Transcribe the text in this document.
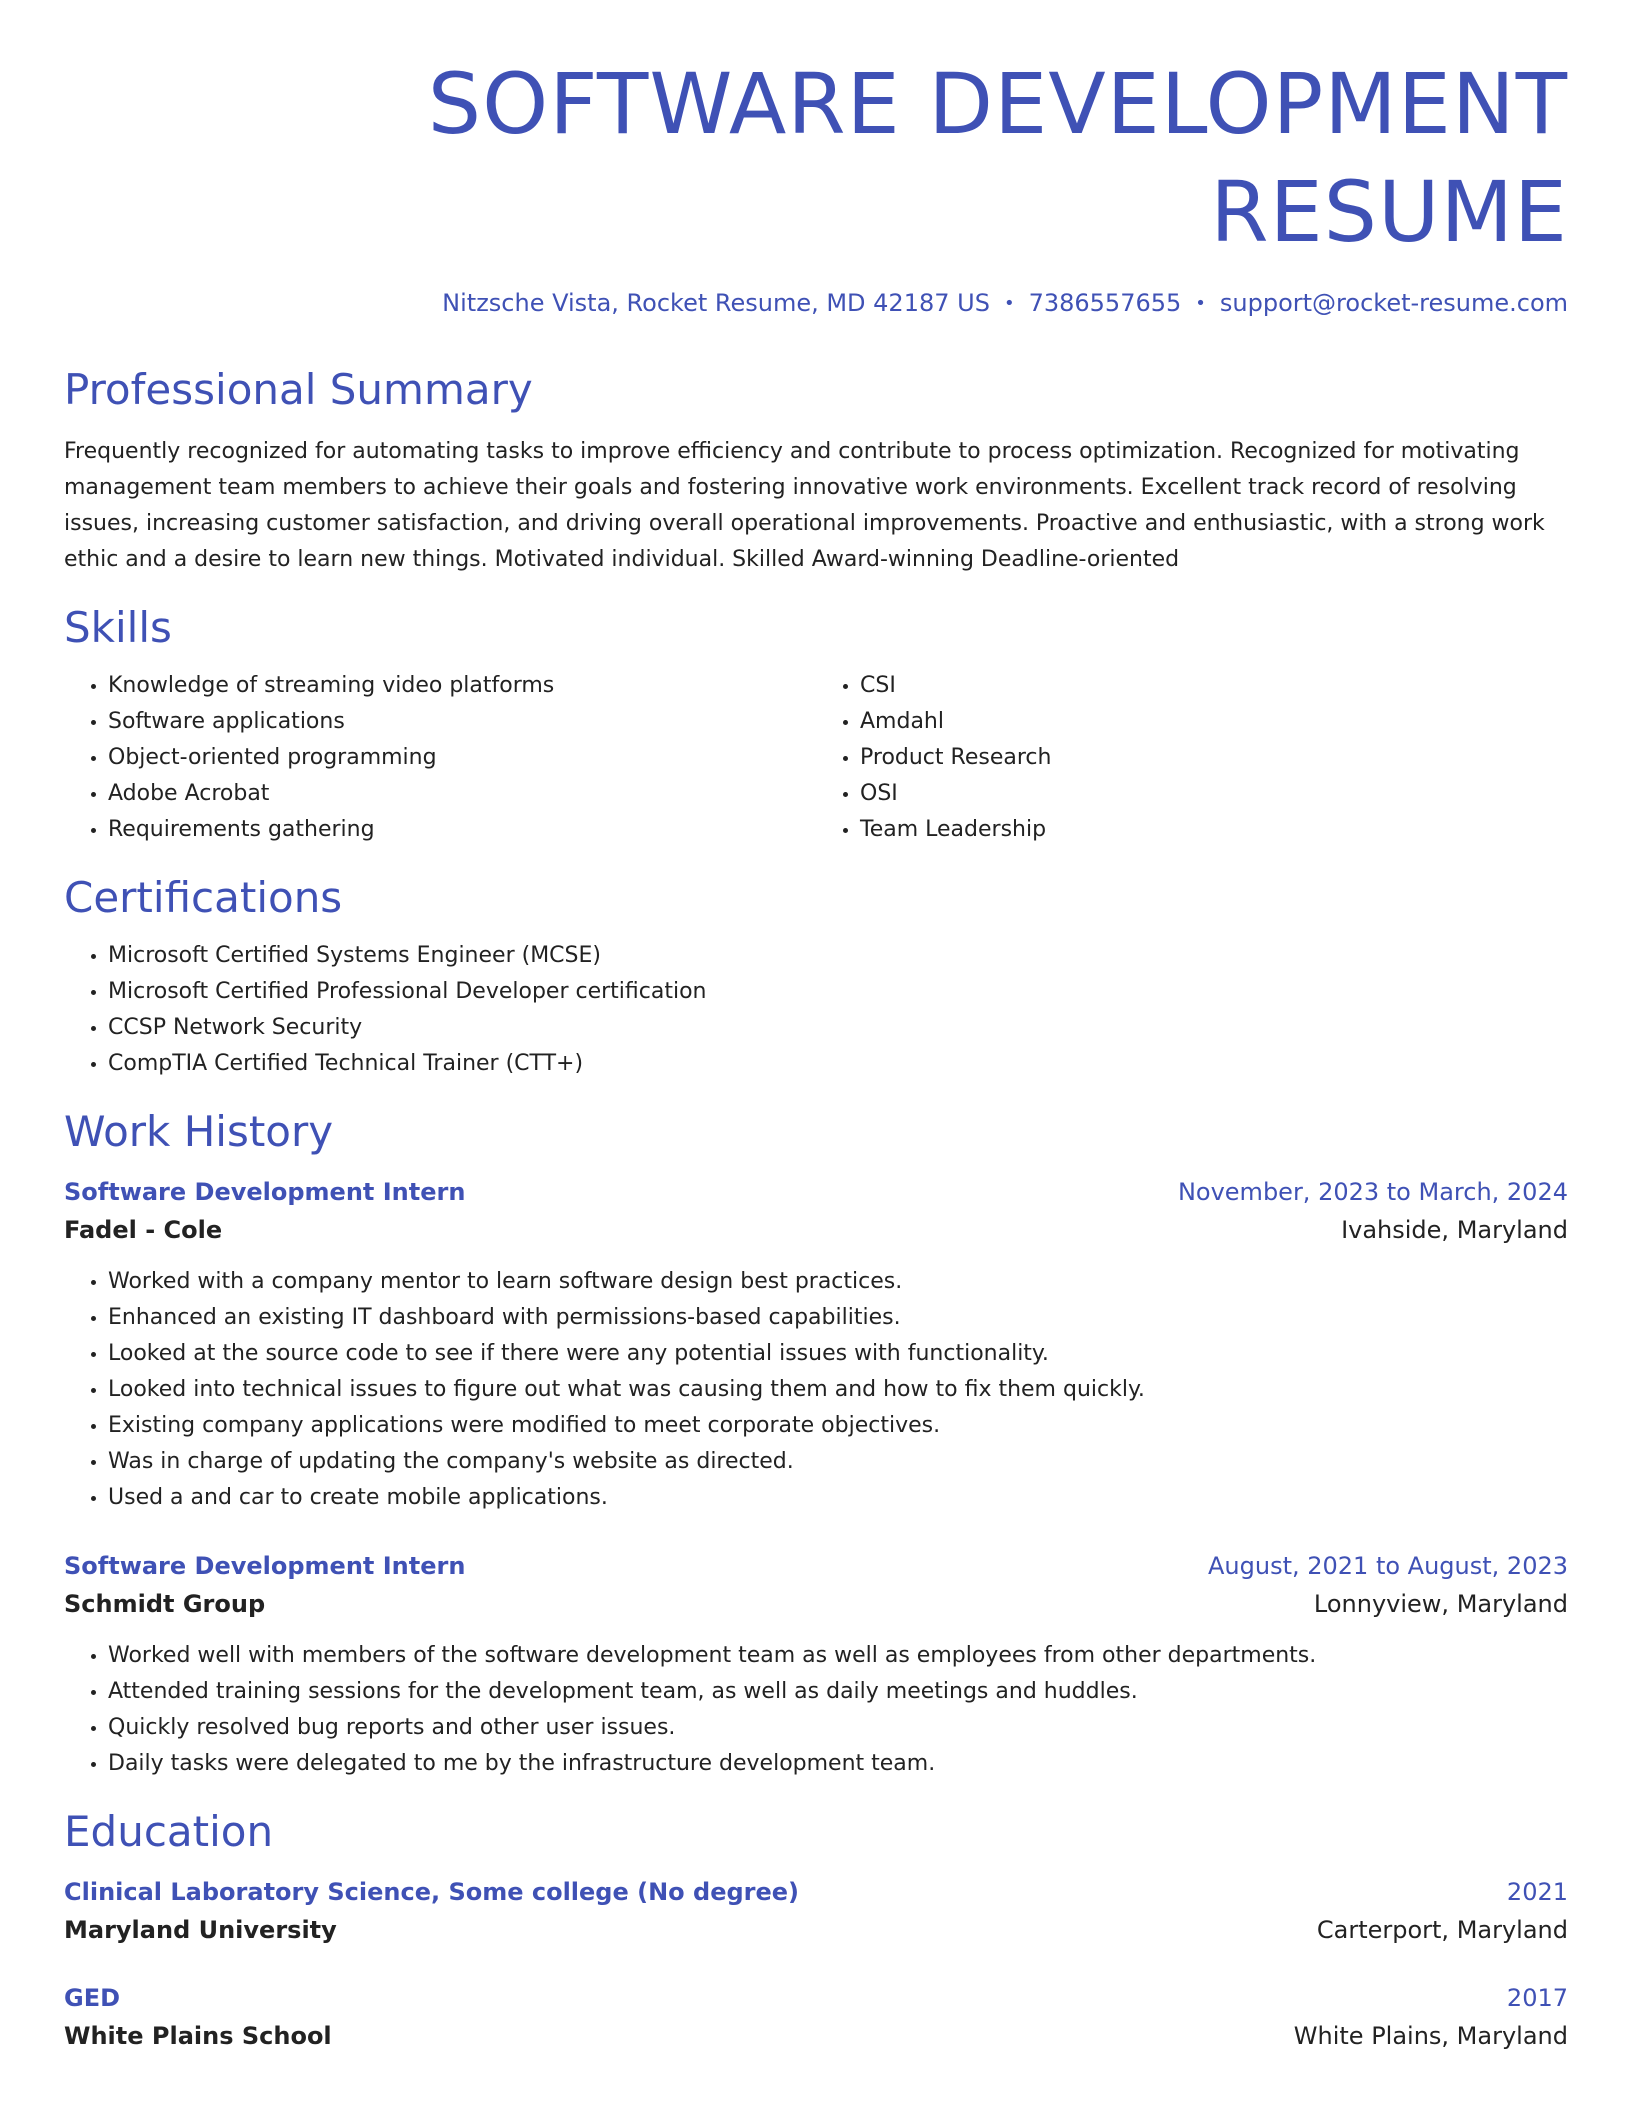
SOFTWARE DEVELOPMENT RESUME
Nitzsche Vista, Rocket Resume, MD 42187 US • 7386557655 • support@rocket-resume.com
Professional Summary

Frequently recognized for automating tasks to improve efficiency and contribute to process optimization. Recognized for motivating management team members to achieve their goals and fostering innovative work environments. Excellent track record of resolving issues, increasing customer satisfaction, and driving overall operational improvements. Proactive and enthusiastic, with a strong work ethic and a desire to learn new things. Motivated individual. Skilled Award-winning Deadline-oriented

Skills
• Knowledge of streaming video platforms
• Software applications
• Object-oriented programming
• Adobe Acrobat
• Requirements gathering
• CSI
• Amdahl
• Product Research
• OSI
• Team Leadership
Certifications
• Microsoft Certified Systems Engineer (MCSE)
• Microsoft Certified Professional Developer certification
• CCSP Network Security
• CompTIA Certified Technical Trainer (CTT+)
Work History
Software Development Intern	November, 2023 to March, 2024
Fadel - Cole	Ivahside, Maryland
• Worked with a company mentor to learn software design best practices.
• Enhanced an existing IT dashboard with permissions-based capabilities.
• Looked at the source code to see if there were any potential issues with functionality.
• Looked into technical issues to figure out what was causing them and how to fix them quickly.
• Existing company applications were modified to meet corporate objectives.
• Was in charge of updating the company's website as directed.
• Used a and car to create mobile applications.
Software Development Intern	August, 2021 to August, 2023
Schmidt Group	Lonnyview, Maryland
• Worked well with members of the software development team as well as employees from other departments.
• Attended training sessions for the development team, as well as daily meetings and huddles.
• Quickly resolved bug reports and other user issues.
• Daily tasks were delegated to me by the infrastructure development team.
Education
Clinical Laboratory Science, Some college (No degree)	2021
Maryland University	Carterport, Maryland
GED	2017
White Plains School	White Plains, Maryland
